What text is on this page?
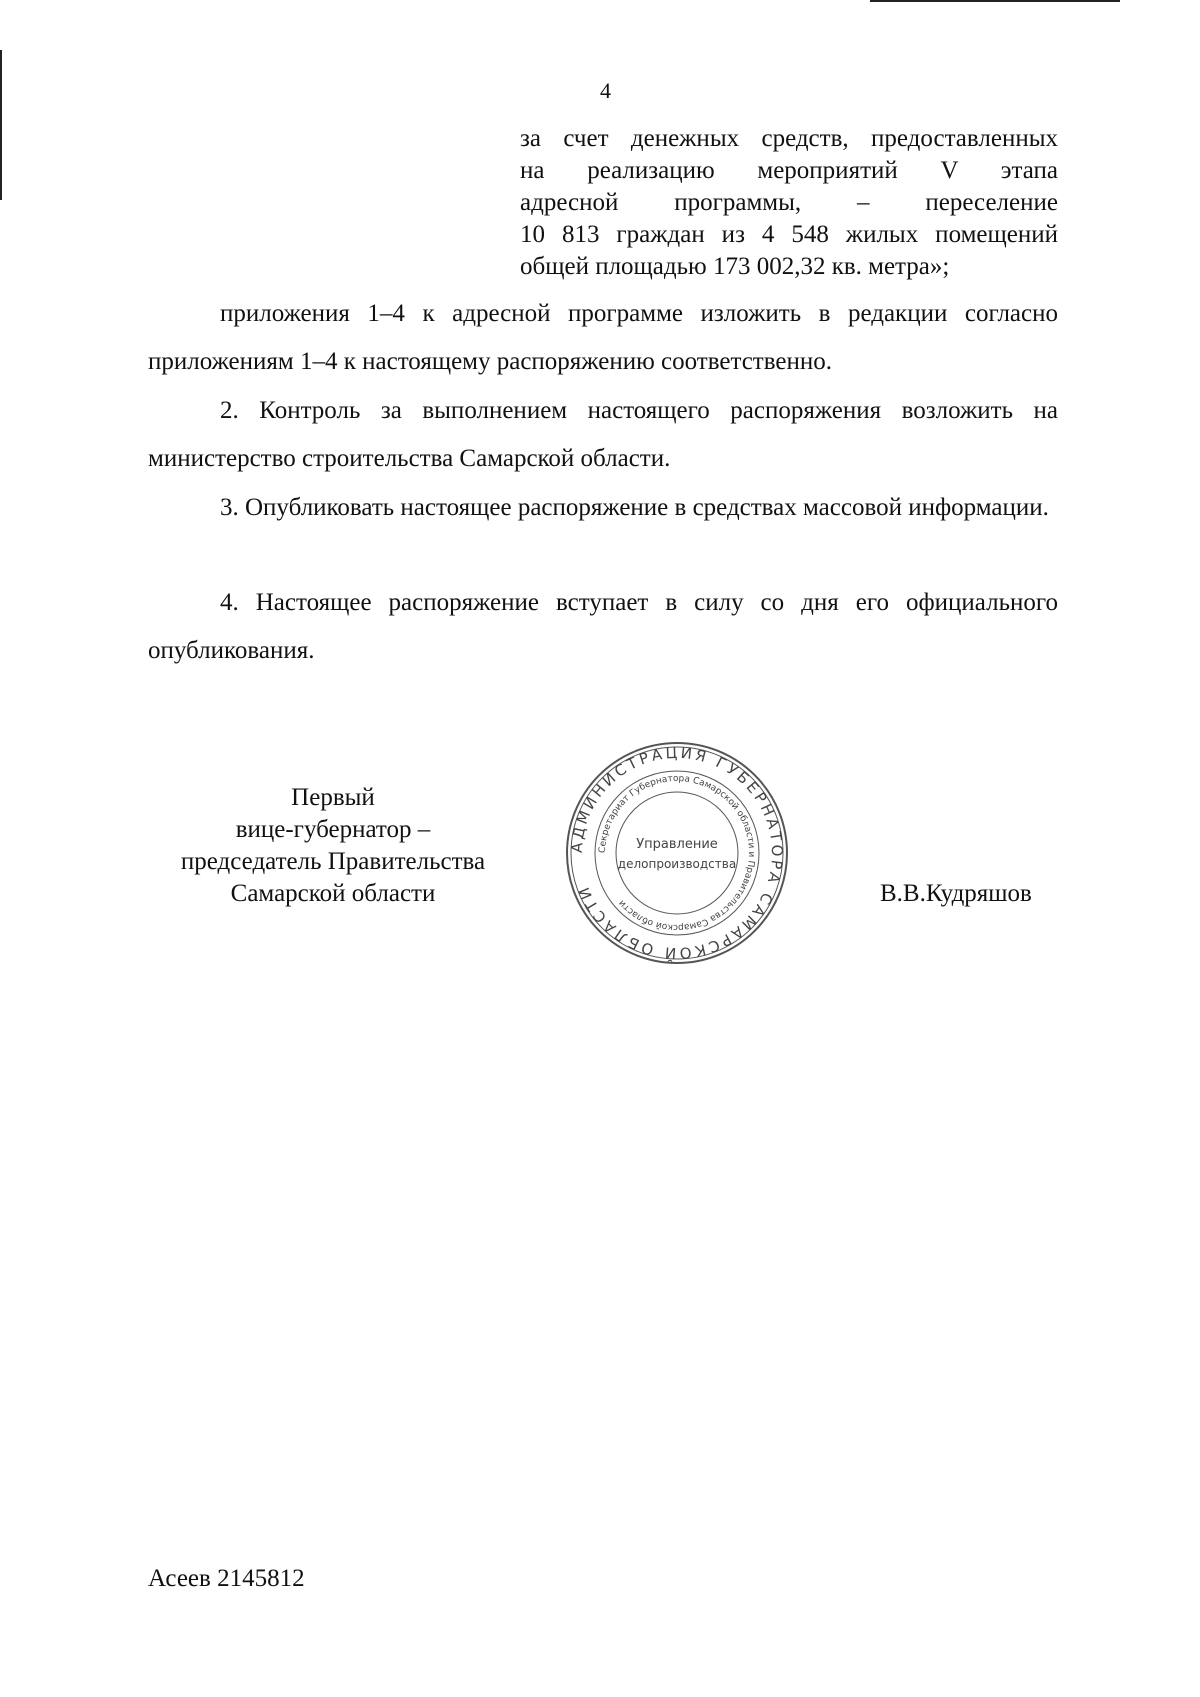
4
за счет денежных средств, предоставленных
на реализацию мероприятий V этапа
адресной программы, – переселение
10 813 граждан из 4 548 жилых помещений
общей площадью 173 002,32 кв. метра»;

приложения 1–4 к адресной программе изложить в редакции согласно приложениям 1–4 к настоящему распоряжению соответственно.

2. Контроль за выполнением настоящего распоряжения возложить на министерство строительства Самарской области.

3. Опубликовать настоящее распоряжение в средствах массовой информации.

4. Настоящее распоряжение вступает в силу со дня его официального опубликования.

Первый
вице-губернатор –
председатель Правительства
Самарской области
АДМИНИСТРАЦИЯ ГУБЕРНАТОРА САМАРСКОЙ ОБЛАСТИ
Секретариат Губернатора Самарской области и Правительства Самарской области
Управление
делопроизводства
В.В.Кудряшов
Асеев 2145812
